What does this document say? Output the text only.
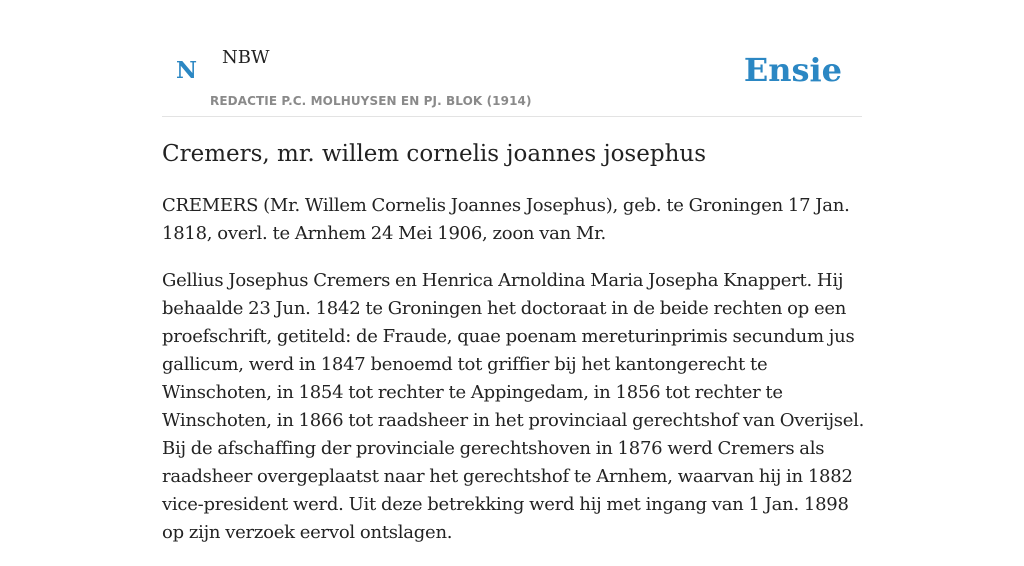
N NBW
REDACTIE P.C. MOLHUYSEN EN PJ. BLOK (1914)
Ensie
Cremers, mr. willem cornelis joannes josephus

CREMERS (Mr. Willem Cornelis Joannes Josephus), geb. te Groningen 17 Jan. 1818, overl. te Arnhem 24 Mei 1906, zoon van Mr.

Gellius Josephus Cremers en Henrica Arnoldina Maria Josepha Knappert. Hij behaalde 23 Jun. 1842 te Groningen het doctoraat in de beide rechten op een proefschrift, getiteld: de Fraude, quae poenam mereturinprimis secundum jus gallicum, werd in 1847 benoemd tot griffier bij het kantongerecht te Winschoten, in 1854 tot rechter te Appingedam, in 1856 tot rechter te Winschoten, in 1866 tot raadsheer in het provinciaal gerechtshof van Overijsel. Bij de afschaffing der provinciale gerechtshoven in 1876 werd Cremers als raadsheer overgeplaatst naar het gerechtshof te Arnhem, waarvan hij in 1882 vice-president werd. Uit deze betrekking werd hij met ingang van 1 Jan. 1898 op zijn verzoek eervol ontslagen.
